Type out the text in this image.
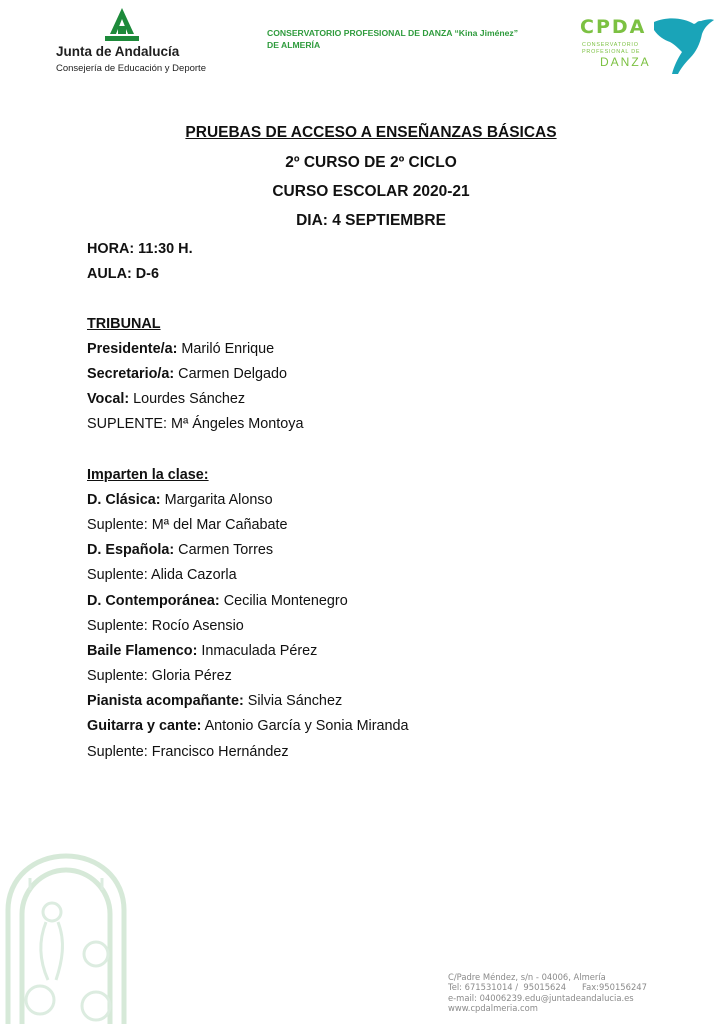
Junta de Andalucía
Consejería de Educación y Deporte
CONSERVATORIO PROFESIONAL DE DANZA “Kina Jiménez”
DE ALMERÍA
CPDA
CONSERVATORIO
PROFESIONAL DE
DANZA
PRUEBAS DE ACCESO A ENSEÑANZAS BÁSICAS
2º CURSO DE 2º CICLO
CURSO ESCOLAR 2020-21
DIA: 4 SEPTIEMBRE
HORA: 11:30 H.
AULA: D-6
TRIBUNAL
Presidente/a: Mariló Enrique
Secretario/a: Carmen Delgado
Vocal: Lourdes Sánchez
SUPLENTE: Mª Ángeles Montoya
Imparten la clase:
D. Clásica: Margarita Alonso
Suplente: Mª del Mar Cañabate
D. Española: Carmen Torres
Suplente: Alida Cazorla
D. Contemporánea: Cecilia Montenegro
Suplente: Rocío Asensio
Baile Flamenco: Inmaculada Pérez
Suplente: Gloria Pérez
Pianista acompañante: Silvia Sánchez
Guitarra y cante: Antonio García y Sonia Miranda
Suplente: Francisco Hernández
C/Padre Méndez, s/n - 04006, Almería
Tel: 671531014 /  95015624      Fax:950156247
e-mail: 04006239.edu@juntadeandalucia.es
www.cpdalmeria.com
